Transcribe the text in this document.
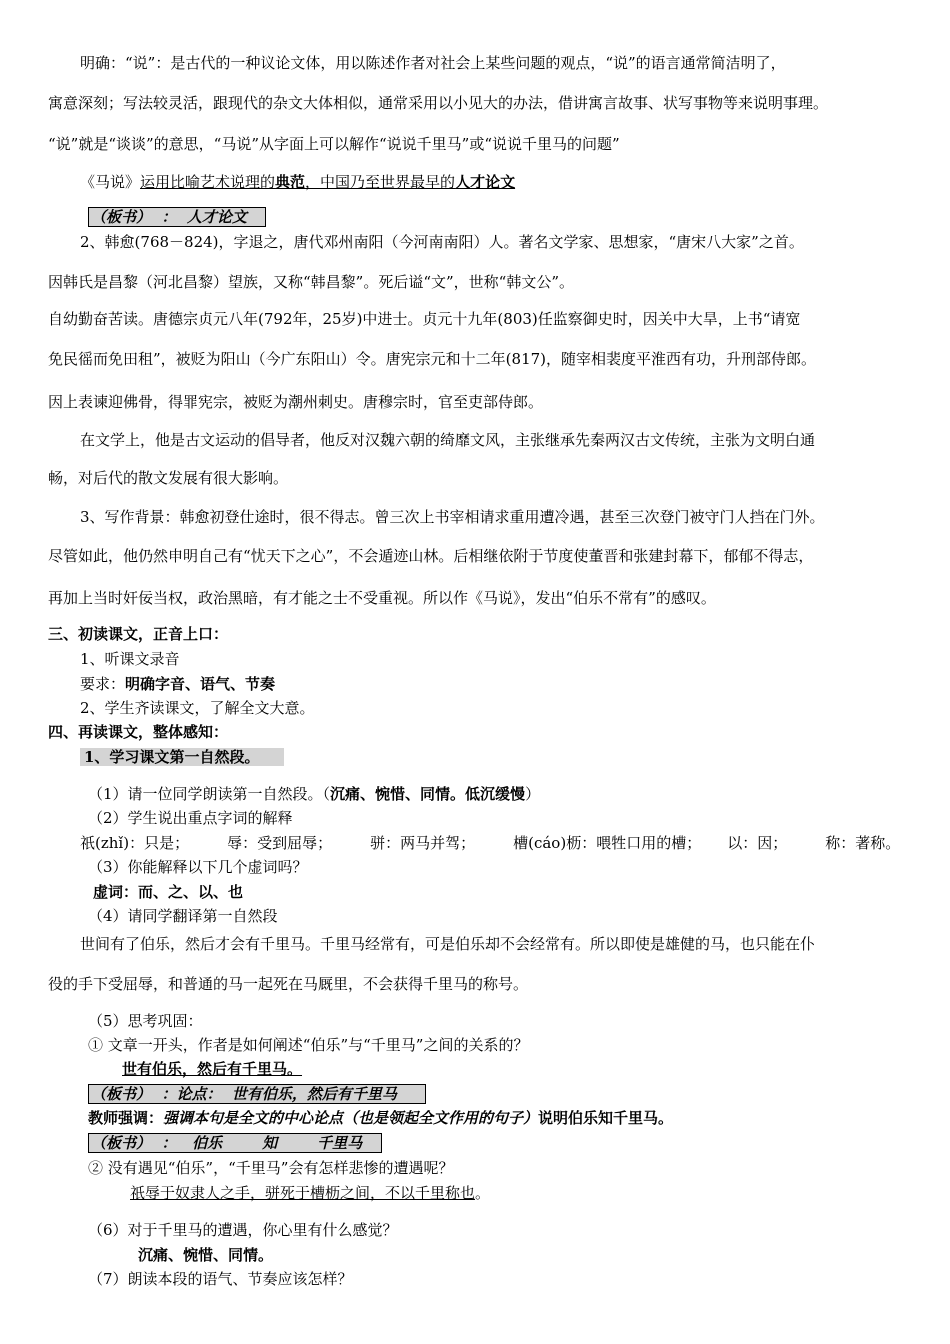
明确：“说”：是古代的一种议论文体，用以陈述作者对社会上某些问题的观点，“说”的语言通常简洁明了，
寓意深刻；写法较灵活，跟现代的杂文大体相似，通常采用以小见大的办法，借讲寓言故事、状写事物等来说明事理。
“说”就是“谈谈”的意思，“马说”从字面上可以解作“说说千里马”或“说说千里马的问题”
《马说》运用比喻艺术说理的典范，中国乃至世界最早的人才论文
（板书）  ：  人才论文
2、韩愈(768－824)，字退之，唐代邓州南阳（今河南南阳）人。著名文学家、思想家，“唐宋八大家”之首。
因韩氏是昌黎（河北昌黎）望族，又称“韩昌黎”。死后谥“文”，世称“韩文公”。
自幼勤奋苦读。唐德宗贞元八年(792年，25岁)中进士。贞元十九年(803)任监察御史时，因关中大旱，上书“请宽
免民徭而免田租”，被贬为阳山（今广东阳山）令。唐宪宗元和十二年(817)，随宰相裴度平淮西有功，升刑部侍郎。
因上表谏迎佛骨，得罪宪宗，被贬为潮州刺史。唐穆宗时，官至吏部侍郎。
在文学上，他是古文运动的倡导者，他反对汉魏六朝的绮靡文风，主张继承先秦两汉古文传统，主张为文明白通
畅，对后代的散文发展有很大影响。
3、写作背景：韩愈初登仕途时，很不得志。曾三次上书宰相请求重用遭冷遇，甚至三次登门被守门人挡在门外。
尽管如此，他仍然申明自己有“忧天下之心”，不会遁迹山林。后相继依附于节度使董晋和张建封幕下，郁郁不得志，
再加上当时奸佞当权，政治黑暗，有才能之士不受重视。所以作《马说》，发出“伯乐不常有”的感叹。
三、初读课文，正音上口：
1、听课文录音
要求：明确字音、语气、节奏
2、学生齐读课文，了解全文大意。
四、再读课文，整体感知：
1、学习课文第一自然段。
（1）请一位同学朗读第一自然段。（沉痛、惋惜、同情。低沉缓慢）
（2）学生说出重点字词的解释
祇(zhǐ)：只是；	辱：受到屈辱；	骈：两马并驾；	槽(cáo)枥：喂牲口用的槽； 以：因；	称：著称。
（3）你能解释以下几个虚词吗？
虚词：而、之、以、也
（4）请同学翻译第一自然段
世间有了伯乐，然后才会有千里马。千里马经常有，可是伯乐却不会经常有。所以即使是雄健的马，也只能在仆
役的手下受屈辱，和普通的马一起死在马厩里，不会获得千里马的称号。
（5）思考巩固：
① 文章一开头，作者是如何阐述“伯乐”与“千里马”之间的关系的？
世有伯乐，然后有千里马。
（板书）  ：论点：  世有伯乐，然后有千里马
教师强调：强调本句是全文的中心论点（也是领起全文作用的句子）说明伯乐知千里马。
（板书）  ：   伯乐	知	千里马
② 没有遇见“伯乐”，“千里马”会有怎样悲惨的遭遇呢？
祇辱于奴隶人之手，骈死于槽枥之间，不以千里称也。
（6）对于千里马的遭遇，你心里有什么感觉？
沉痛、惋惜、同情。
（7）朗读本段的语气、节奏应该怎样？
